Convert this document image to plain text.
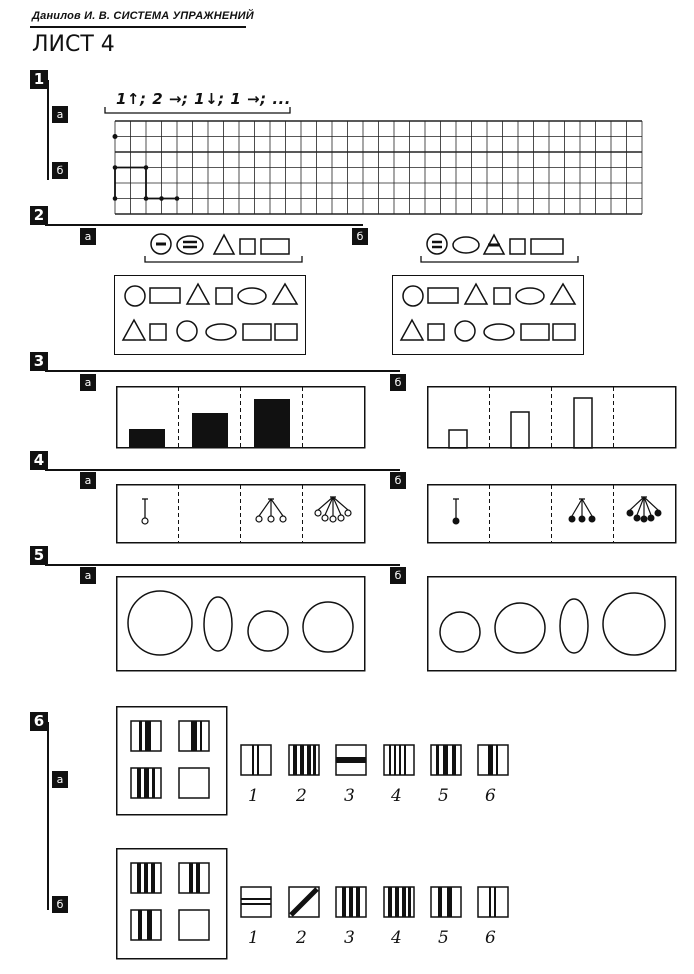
Данилов И. В. СИСТЕМА УПРАЖНЕНИЙ
ЛИСТ 4
1
а
б
1↑; 2 →; 1↓; 1 →; ...
2
а	б
3
а	б
4
а	б
5
а	б
6
а
б
1 2 3 4 5 6
1 2 3 4 5 6
